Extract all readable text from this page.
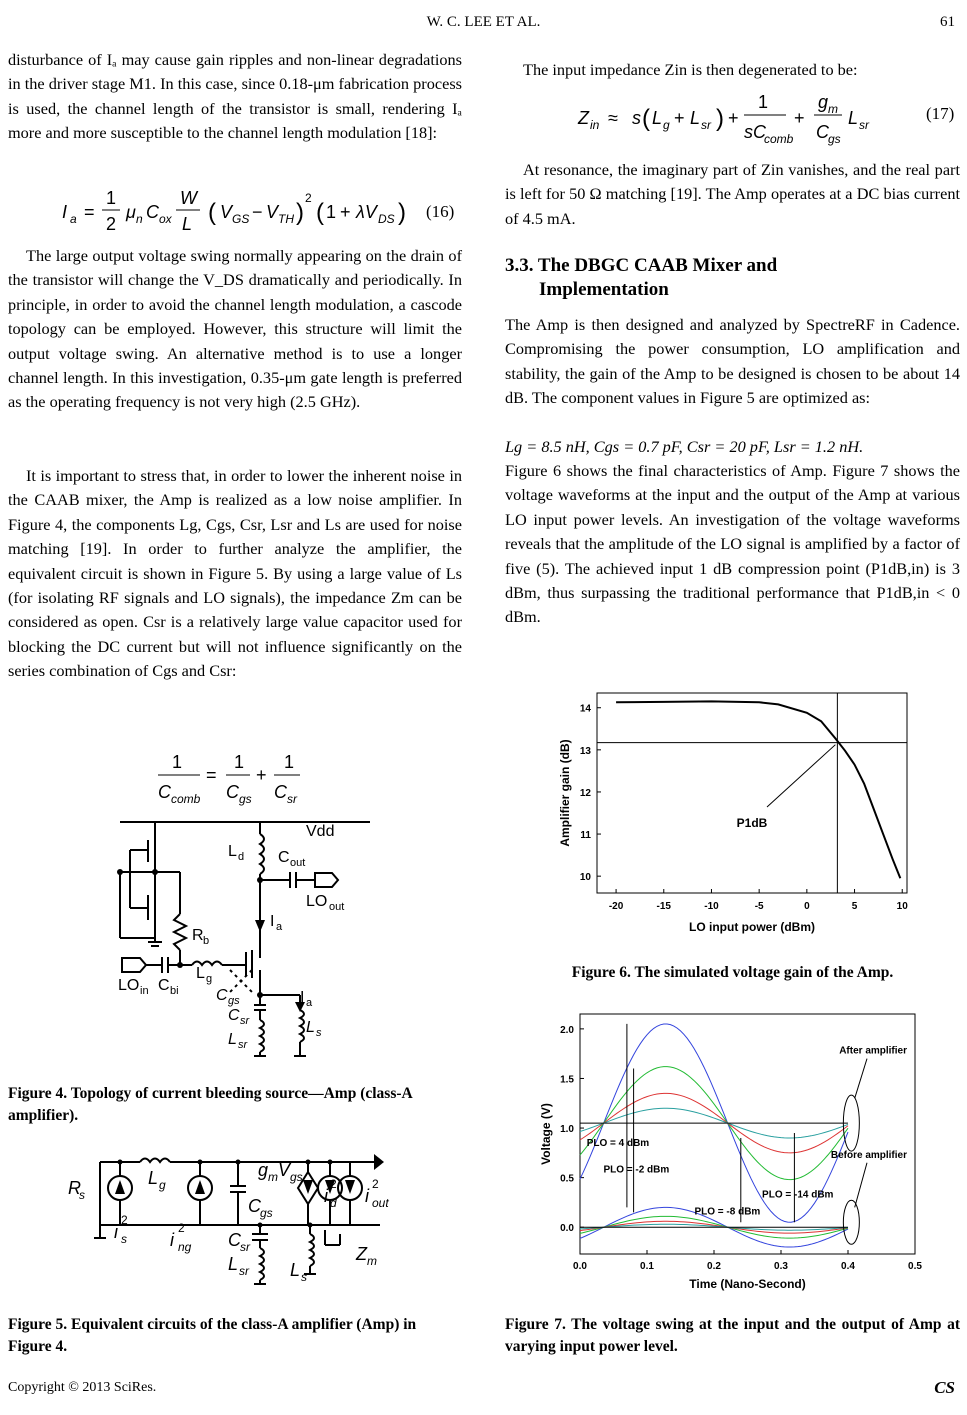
W. C. LEE ET AL.	61

disturbance of Iₐ may cause gain ripples and non-linear degradations in the driver stage M1. In this case, since 0.18-μm fabrication process is used, the channel length of the transistor is small, rendering Iₐ more and more susceptible to the channel length modulation [18]:

I a =
1
2
μ n C ox
W
L ( V GS − V TH )
2
( 1 + λV DS ) (16)

The large output voltage swing normally appearing on the drain of the transistor will change the V_DS dramatically and periodically. In principle, in order to avoid the channel length modulation, a cascode topology can be employed. However, this structure will limit the output voltage swing. An alternative method is to use a longer channel length. In this investigation, 0.35-μm gate length is preferred as the operating frequency is not very high (2.5 GHz).

It is important to stress that, in order to lower the inherent noise in the CAAB mixer, the Amp is realized as a low noise amplifier. In Figure 4, the components Lg, Cgs, Csr, Lsr and Ls are used for noise matching [19]. In order to further analyze the amplifier, the equivalent circuit is shown in Figure 5. By using a large value of Ls (for isolating RF signals and LO signals), the impedance Zm can be considered as open. Csr is a relatively large value capacitor used for blocking the DC current but will not influence significantly on the series combination of Cgs and Csr:

1
C comb
=
1
C gs
+
1
C sr
Vdd
L d C out
LO out
I a
R b
L g
LO in C bi	I a
C gs
C sr
L sr
L s
Figure 4. Topology of current bleeding source—Amp (class-A amplifier).
R
s
i
2
s
L g
i
2
ng
g m V gs
C gs
C sr
L sr L s
i
2
d i
2
out
Z m
Figure 5. Equivalent circuits of the class-A amplifier (Amp) in Figure 4.
The input impedance Zin is then degenerated to be:
Z in ≈ s ( L g + L sr ) +
1
sC
comb
+
g m
C gs
L sr
(17)
At resonance, the imaginary part of Zin vanishes, and the real part is left for 50 Ω matching [19]. The Amp operates at a DC bias current of 4.5 mA.
3.3. The DBGC CAAB Mixer and
Implementation
The Amp is then designed and analyzed by SpectreRF in Cadence. Compromising the power consumption, LO amplification and stability, the gain of the Amp to be designed is chosen to be about 14 dB. The component values in Figure 5 are optimized as:
Lg = 8.5 nH, Cgs = 0.7 pF, Csr = 20 pF, Lsr = 1.2 nH.
Figure 6 shows the final characteristics of Amp. Figure 7 shows the voltage waveforms at the input and the output of the Amp at various LO input power levels. An investigation of the voltage waveforms reveals that the amplitude of the LO signal is amplified by a factor of five (5). The achieved input 1 dB compression point (P1dB,in) is 3 dBm, thus surpassing the traditional performance that P1dB,in < 0 dBm.
-20	-15	-10	-5	0	5	10
10
11
12
13
14
LO input power (dBm)
Amplifier gain (dB)	P1dB
Figure 6. The simulated voltage gain of the Amp.
0.0	0.1	0.2	0.3	0.4	0.5
0.0
0.5
1.0
1.5
2.0
Time (Nano-Second)
Voltage (V)
After amplifier
Before amplifier
PLO = 4 dBm
PLO = -2 dBm
PLO = -8 dBm
PLO = -14 dBm
Figure 7. The voltage swing at the input and the output of Amp at varying input power level.
Copyright © 2013 SciRes.	CS
